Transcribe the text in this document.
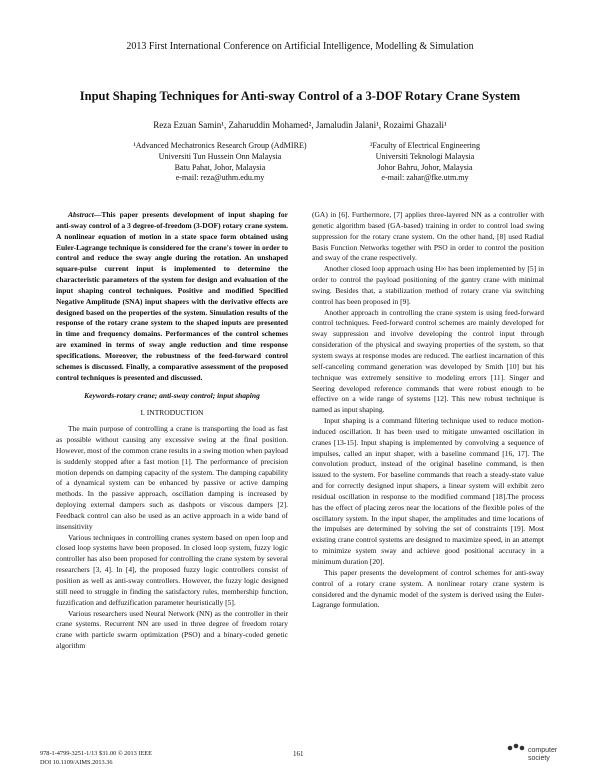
2013 First International Conference on Artificial Intelligence, Modelling & Simulation
Input Shaping Techniques for Anti-sway Control of a 3-DOF Rotary Crane System
Reza Ezuan Samin¹, Zaharuddin Mohamed², Jamaludin Jalani¹, Rozaimi Ghazali¹
¹Advanced Mechatronics Research Group (AdMIRE)
Universiti Tun Hussein Onn Malaysia
Batu Pahat, Johor, Malaysia
e-mail: reza@uthm.edu.my
²Faculty of Electrical Engineering
Universiti Teknologi Malaysia
Johor Bahru, Johor, Malaysia
e-mail: zahar@fke.utm.my

Abstract—This paper presents development of input shaping for anti-sway control of a 3 degree-of-freedom (3-DOF) rotary crane system. A nonlinear equation of motion in a state space form obtained using Euler-Lagrange technique is considered for the crane's tower in order to control and reduce the sway angle during the rotation. An unshaped square-pulse current input is implemented to determine the characteristic parameters of the system for design and evaluation of the input shaping control techniques. Positive and modified Specified Negative Amplitude (SNA) input shapers with the derivative effects are designed based on the properties of the system. Simulation results of the response of the rotary crane system to the shaped inputs are presented in time and frequency domains. Performances of the control schemes are examined in terms of sway angle reduction and time response specifications. Moreover, the robustness of the feed-forward control schemes is discussed. Finally, a comparative assessment of the proposed control techniques is presented and discussed.

Keywords-rotary crane; anti-sway control; input shaping

I. INTRODUCTION

The main purpose of controlling a crane is transporting the load as fast as possible without causing any excessive swing at the final position. However, most of the common crane results in a swing motion when payload is suddenly stopped after a fast motion [1]. The performance of precision motion depends on damping capacity of the system. The damping capability of a dynamical system can be enhanced by passive or active damping methods. In the passive approach, oscillation damping is increased by deploying external dampers such as dashpots or viscous dampers [2]. Feedback control can also be used as an active approach in a wide band of insensitivity

Various techniques in controlling cranes system based on open loop and closed loop systems have been proposed. In closed loop system, fuzzy logic controller has also been proposed for controlling the crane system by several researchers [3, 4]. In [4], the proposed fuzzy logic controllers consist of position as well as anti-sway controllers. However, the fuzzy logic designed still need to struggle in finding the satisfactory rules, membership function, fuzzification and deffuzification parameter heuristically [5].

Various researchers used Neural Network (NN) as the controller in their crane systems. Recurrent NN are used in three degree of freedom rotary crane with particle swarm optimization (PSO) and a binary-coded genetic algorithm

(GA) in [6]. Furthermore, [7] applies three-layered NN as a controller with genetic algorithm based (GA-based) training in order to control load swing suppression for the rotary crane system. On the other hand, [8] used Radial Basis Function Networks together with PSO in order to control the position and sway of the crane respectively.

Another closed loop approach using H∞ has been implemented by [5] in order to control the payload positioning of the gantry crane with minimal swing. Besides that, a stabilization method of rotary crane via switching control has been proposed in [9].

Another approach in controlling the crane system is using feed-forward control techniques. Feed-forward control schemes are mainly developed for sway suppression and involve developing the control input through consideration of the physical and swaying properties of the system, so that system sways at response modes are reduced. The earliest incarnation of this self-canceling command generation was developed by Smith [10] but his technique was extremely sensitive to modeling errors [11]. Singer and Seering developed reference commands that were robust enough to be effective on a wide range of systems [12]. This new robust technique is named as input shaping.

Input shaping is a command filtering technique used to reduce motion-induced oscillation. It has been used to mitigate unwanted oscillation in cranes [13-15]. Input shaping is implemented by convolving a sequence of impulses, called an input shaper, with a baseline command [16, 17]. The convolution product, instead of the original baseline command, is then issued to the system. For baseline commands that reach a steady-state value and for correctly designed input shapers, a linear system will exhibit zero residual oscillation in response to the modified command [18].The process has the effect of placing zeros near the locations of the flexible poles of the oscillatory system. In the input shaper, the amplitudes and time locations of the impulses are determined by solving the set of constraints [19]. Most existing crane control systems are designed to maximize speed, in an attempt to minimize system sway and achieve good positional accuracy in a minimum duration [20].

This paper presents the development of control schemes for anti-sway control of a rotary crane system. A nonlinear rotary crane system is considered and the dynamic model of the system is derived using the Euler-Lagrange formulation.

978-1-4799-3251-1/13 $31.00 © 2013 IEEE
DOI 10.1109/AIMS.2013.36
161	computer
society
